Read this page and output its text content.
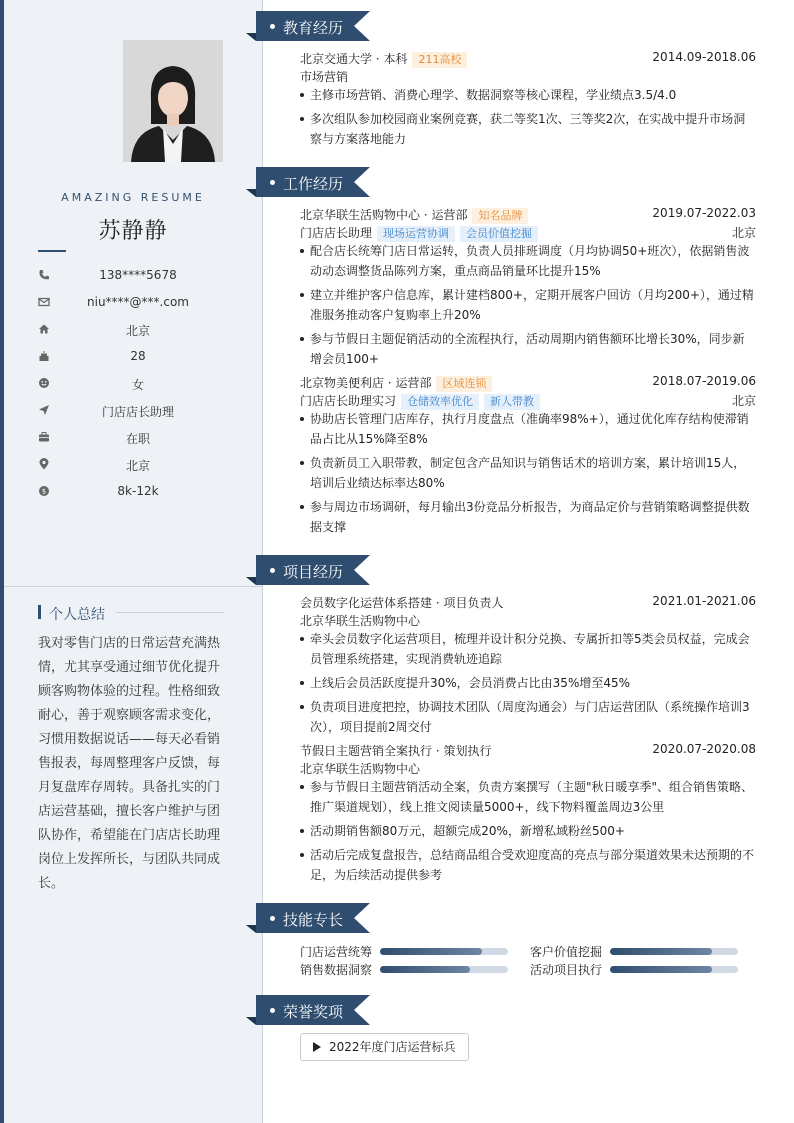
AMAZING RESUME
苏静静
138****5678
niu****@***.com
北京
28
女
门店店长助理
在职
北京
$	8k-12k
个人总结
我对零售门店的日常运营充满热情，尤其享受通过细节优化提升顾客购物体验的过程。性格细致耐心，善于观察顾客需求变化，习惯用数据说话——每天必看销售报表，每周整理客户反馈，每月复盘库存周转。具备扎实的门店运营基础，擅长客户维护与团队协作，希望能在门店店长助理岗位上发挥所长，与团队共同成长。
教育经历
工作经历
项目经历
技能专长
荣誉奖项
北京交通大学 · 本科 211高校	2014.09-2018.06
市场营销
主修市场营销、消费心理学、数据洞察等核心课程，学业绩点3.5/4.0
多次组队参加校园商业案例竞赛，获二等奖1次、三等奖2次，在实战中提升市场洞察与方案落地能力
北京华联生活购物中心 · 运营部 知名品牌	2019.07-2022.03
门店店长助理 现场运营协调 会员价值挖掘	北京
配合店长统筹门店日常运转，负责人员排班调度（月均协调50+班次），依据销售波动动态调整货品陈列方案，重点商品销量环比提升15%
建立并维护客户信息库，累计建档800+，定期开展客户回访（月均200+），通过精准服务推动客户复购率上升20%
参与节假日主题促销活动的全流程执行，活动周期内销售额环比增长30%，同步新增会员100+
北京物美便利店 · 运营部 区域连锁	2018.07-2019.06
门店店长助理实习 仓储效率优化 新人带教	北京
协助店长管理门店库存，执行月度盘点（准确率98%+），通过优化库存结构使滞销品占比从15%降至8%
负责新员工入职带教，制定包含产品知识与销售话术的培训方案，累计培训15人，培训后业绩达标率达80%
参与周边市场调研，每月输出3份竞品分析报告，为商品定价与营销策略调整提供数据支撑
会员数字化运营体系搭建 · 项目负责人	2021.01-2021.06
北京华联生活购物中心
牵头会员数字化运营项目，梳理并设计积分兑换、专属折扣等5类会员权益，完成会员管理系统搭建，实现消费轨迹追踪
上线后会员活跃度提升30%，会员消费占比由35%增至45%
负责项目进度把控，协调技术团队（周度沟通会）与门店运营团队（系统操作培训3次），项目提前2周交付
节假日主题营销全案执行 · 策划执行	2020.07-2020.08
北京华联生活购物中心
参与节假日主题营销活动全案，负责方案撰写（主题"秋日暖享季"、组合销售策略、推广渠道规划），线上推文阅读量5000+，线下物料覆盖周边3公里
活动期销售额80万元，超额完成20%，新增私域粉丝500+
活动后完成复盘报告，总结商品组合受欢迎度高的亮点与部分渠道效果未达预期的不足，为后续活动提供参考
门店运营统筹	客户价值挖掘
销售数据洞察	活动项目执行
2022年度门店运营标兵
